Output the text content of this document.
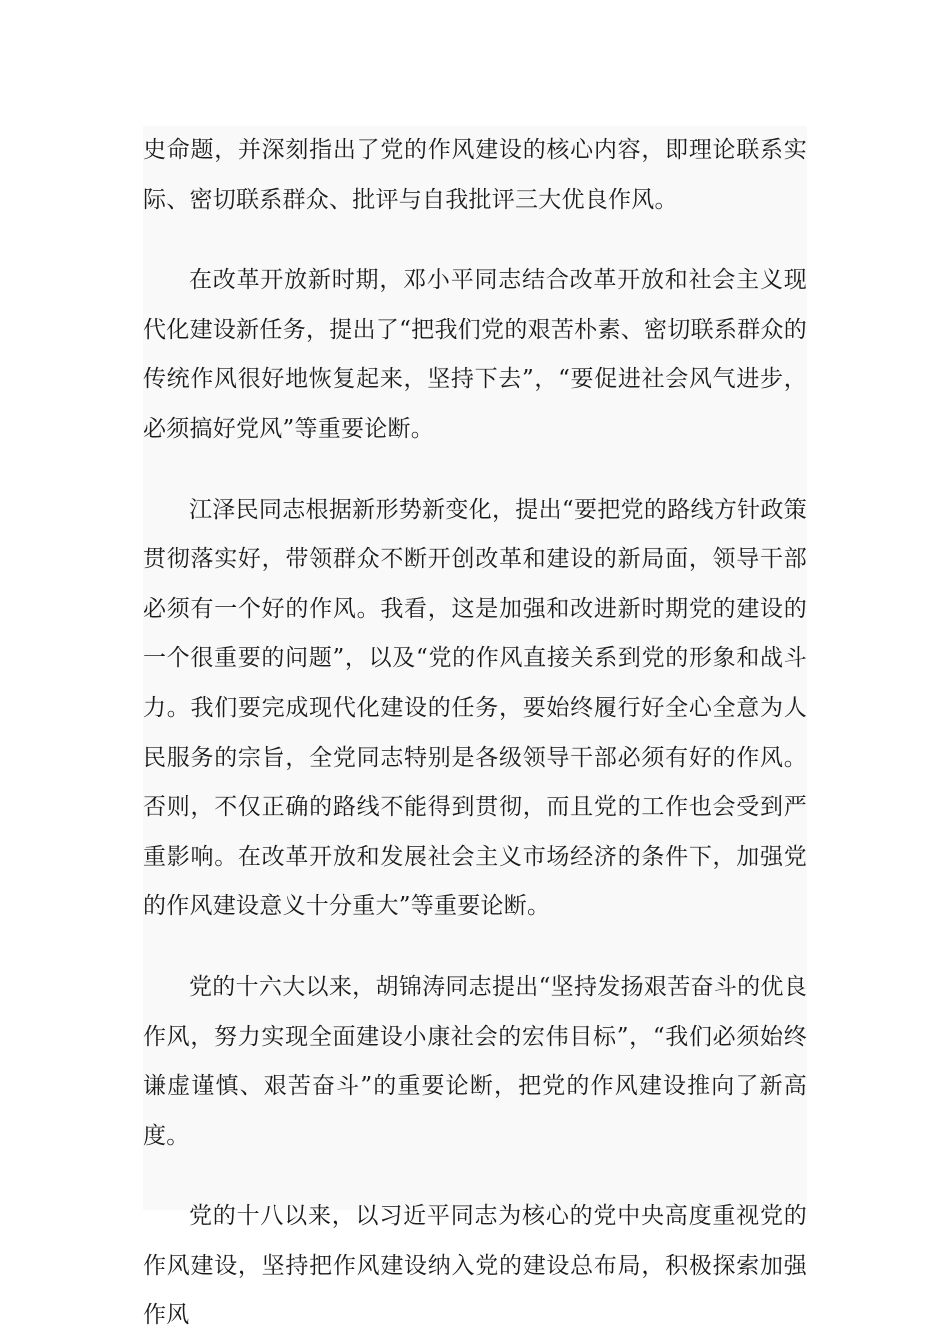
史命题，并深刻指出了党的作风建设的核心内容，即理论联系实际、密切联系群众、批评与自我批评三大优良作风。

在改革开放新时期，邓小平同志结合改革开放和社会主义现代化建设新任务，提出了“把我们党的艰苦朴素、密切联系群众的传统作风很好地恢复起来，坚持下去”，“要促进社会风气进步，必须搞好党风”等重要论断。

江泽民同志根据新形势新变化，提出“要把党的路线方针政策贯彻落实好，带领群众不断开创改革和建设的新局面，领导干部必须有一个好的作风。我看，这是加强和改进新时期党的建设的一个很重要的问题”，以及“党的作风直接关系到党的形象和战斗力。我们要完成现代化建设的任务，要始终履行好全心全意为人民服务的宗旨，全党同志特别是各级领导干部必须有好的作风。否则，不仅正确的路线不能得到贯彻，而且党的工作也会受到严重影响。在改革开放和发展社会主义市场经济的条件下，加强党的作风建设意义十分重大”等重要论断。

党的十六大以来，胡锦涛同志提出“坚持发扬艰苦奋斗的优良作风，努力实现全面建设小康社会的宏伟目标”，“我们必须始终谦虚谨慎、艰苦奋斗”的重要论断，把党的作风建设推向了新高度。

党的十八以来，以习近平同志为核心的党中央高度重视党的作风建设，坚持把作风建设纳入党的建设总布局，积极探索加强作风
